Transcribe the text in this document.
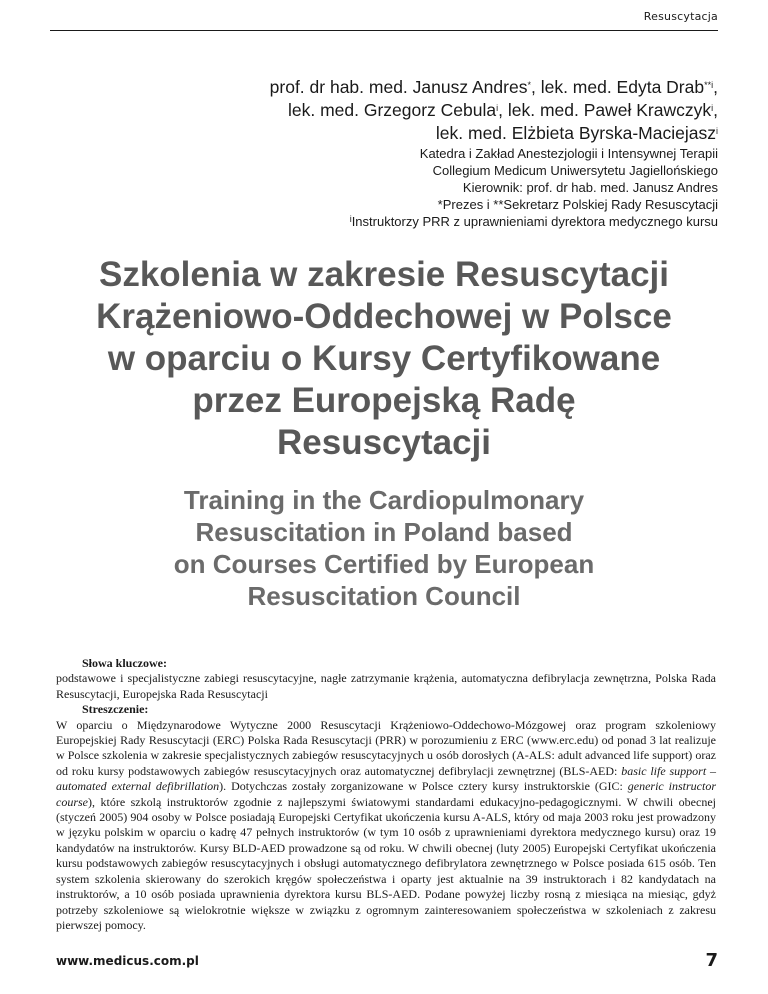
Resuscytacja
prof. dr hab. med. Janusz Andres*, lek. med. Edyta Drab$^{**i}$,
lek. med. Grzegorz Cebula$^i$, lek. med. Paweł Krawczyk$^i$,
lek. med. Elżbieta Byrska-Maciejasz$^i$
Katedra i Zakład Anestezjologii i Intensywnej Terapii
Collegium Medicum Uniwersytetu Jagiellońskiego
Kierownik: prof. dr hab. med. Janusz Andres
*Prezes i **Sekretarz Polskiej Rady Resuscytacji
$^i$Instruktorzy PRR z uprawnieniami dyrektora medycznego kursu
Szkolenia w zakresie Resuscytacji
Krążeniowo-Oddechowej w Polsce
w oparciu o Kursy Certyfikowane
przez Europejską Radę
Resuscytacji
Training in the Cardiopulmonary
Resuscitation in Poland based
on Courses Certified by European
Resuscitation Council

Słowa kluczowe:

podstawowe i specjalistyczne zabiegi resuscytacyjne, nagłe zatrzymanie krążenia, automatyczna defibrylacja zewnętrzna, Polska Rada Resuscytacji, Europejska Rada Resuscytacji

Streszczenie:

W oparciu o Międzynarodowe Wytyczne 2000 Resuscytacji Krążeniowo-Oddechowo-Mózgowej oraz program szkoleniowy Europejskiej Rady Resuscytacji (ERC) Polska Rada Resuscytacji (PRR) w porozumieniu z ERC (www.erc.edu) od ponad 3 lat realizuje w Polsce szkolenia w zakresie specjalistycznych zabiegów resuscytacyjnych u osób dorosłych (A-ALS: adult advanced life support) oraz od roku kursy podstawowych zabiegów resuscytacyjnych oraz automatycznej defibrylacji zewnętrznej (BLS-AED: basic life support – automated external defibrillation). Dotychczas zostały zorganizowane w Polsce cztery kursy instruktorskie (GIC: generic instructor course), które szkolą instruktorów zgodnie z najlepszymi światowymi standardami edukacyjno-pedagogicznymi. W chwili obecnej (styczeń 2005) 904 osoby w Polsce posiadają Europejski Certyfikat ukończenia kursu A-ALS, który od maja 2003 roku jest prowadzony w języku polskim w oparciu o kadrę 47 pełnych instruktorów (w tym 10 osób z uprawnieniami dyrektora medycznego kursu) oraz 19 kandydatów na instruktorów. Kursy BLD-AED prowadzone są od roku. W chwili obecnej (luty 2005) Europejski Certyfikat ukończenia kursu podstawowych zabiegów resuscytacyjnych i obsługi automatycznego defibrylatora zewnętrznego w Polsce posiada 615 osób. Ten system szkolenia skierowany do szerokich kręgów społeczeństwa i oparty jest aktualnie na 39 instruktorach i 82 kandydatach na instruktorów, a 10 osób posiada uprawnienia dyrektora kursu BLS-AED. Podane powyżej liczby rosną z miesiąca na miesiąc, gdyż potrzeby szkoleniowe są wielokrotnie większe w związku z ogromnym zainteresowaniem społeczeństwa w szkoleniach z zakresu pierwszej pomocy.

www.medicus.com.pl	7
